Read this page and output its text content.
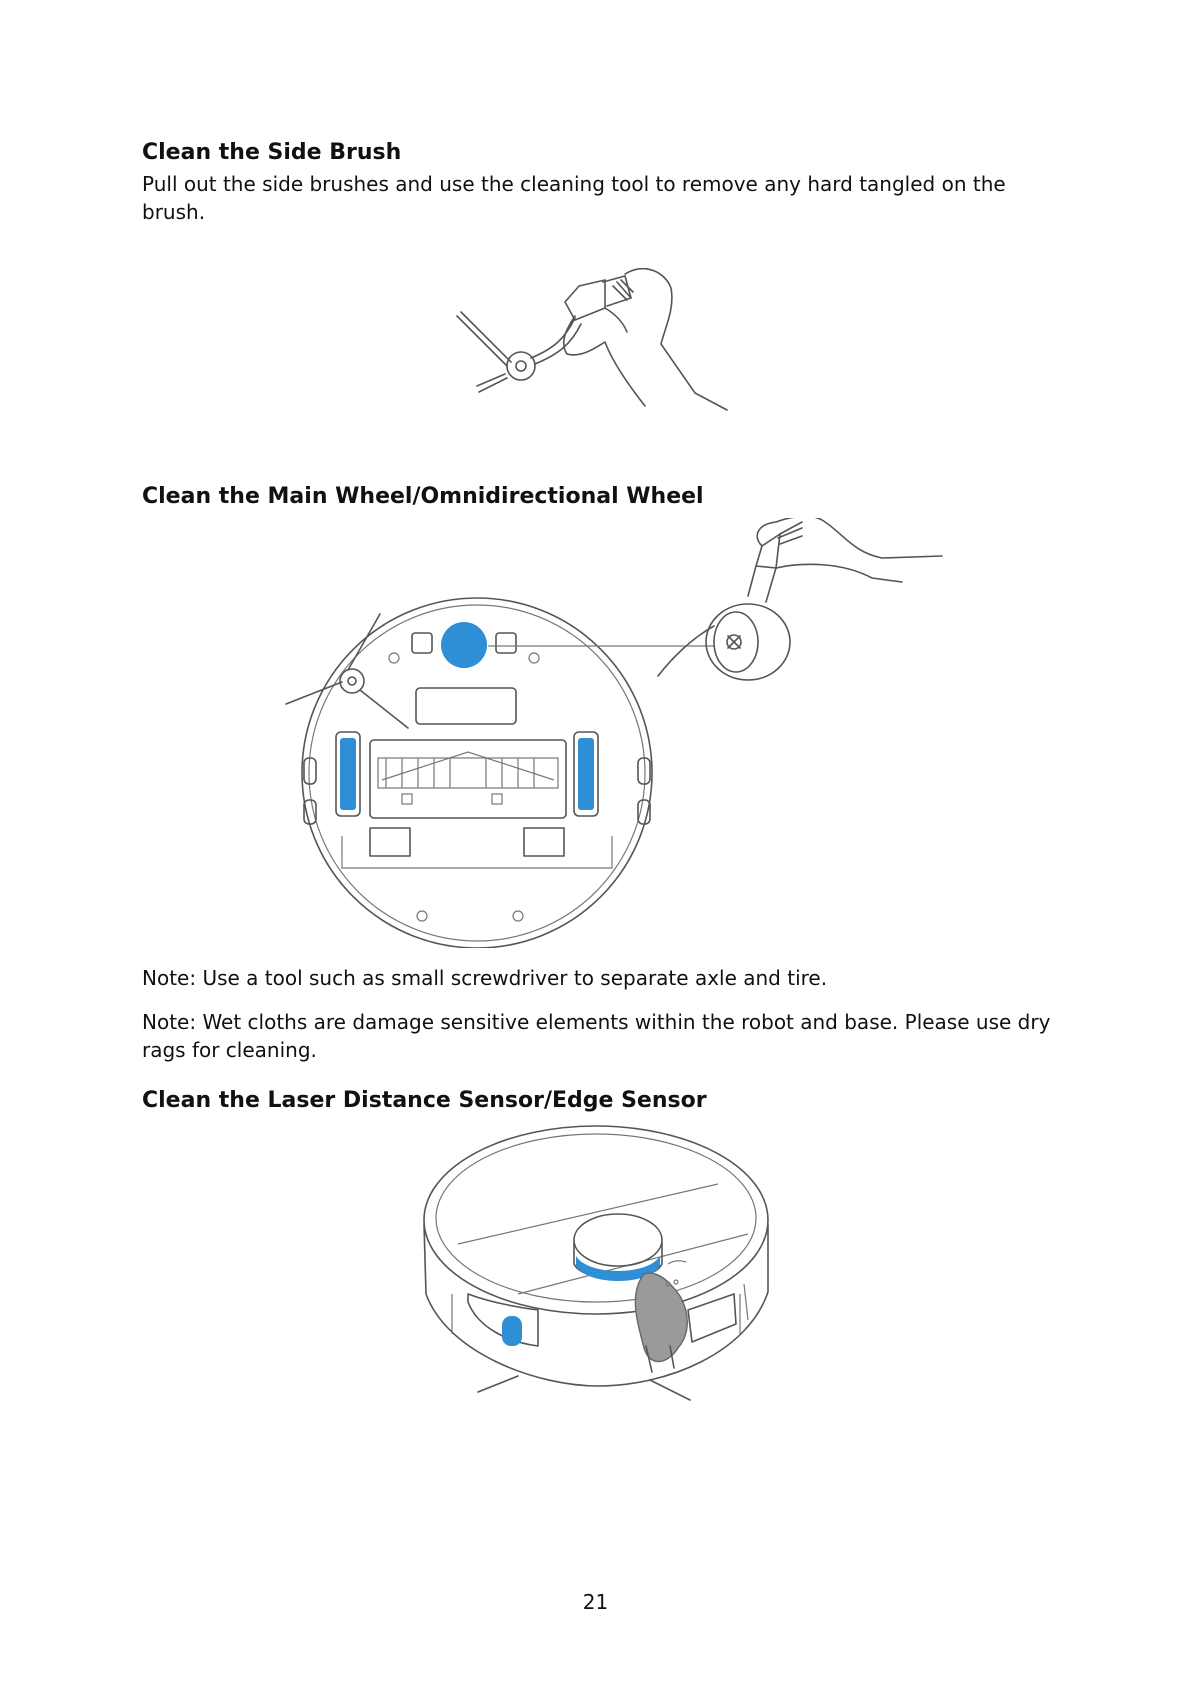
Clean the Side Brush

Pull out the side brushes and use the cleaning tool to remove any hard tangled on the brush.

Clean the Main Wheel/Omnidirectional Wheel

Note: Use a tool such as small screwdriver to separate axle and tire.

Note: Wet cloths are damage sensitive elements within the robot and base. Please use dry rags for cleaning.

Clean the Laser Distance Sensor/Edge Sensor
21
